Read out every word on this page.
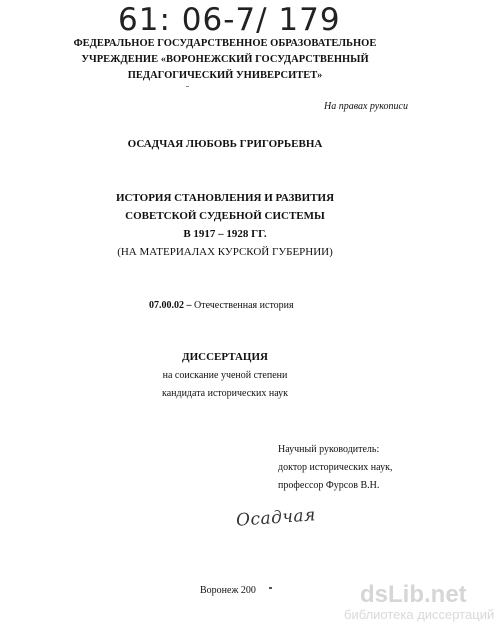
61: 06-7/ 179
ФЕДЕРАЛЬНОЕ ГОСУДАРСТВЕННОЕ ОБРАЗОВАТЕЛЬНОЕ
УЧРЕЖДЕНИЕ «ВОРОНЕЖСКИЙ ГОСУДАРСТВЕННЫЙ
ПЕДАГОГИЧЕСКИЙ УНИВЕРСИТЕТ»
На правах рукописи
ОСАДЧАЯ ЛЮБОВЬ ГРИГОРЬЕВНА
ИСТОРИЯ СТАНОВЛЕНИЯ И РАЗВИТИЯ
СОВЕТСКОЙ СУДЕБНОЙ СИСТЕМЫ
В 1917 – 1928 ГГ.
(НА МАТЕРИАЛАХ КУРСКОЙ ГУБЕРНИИ)
07.00.02 – Отечественная история
ДИССЕРТАЦИЯ
на соискание ученой степени
кандидата исторических наук
Научный руководитель:
доктор исторических наук,
профессор Фурсов В.Н.
Осадчая
Воронеж 200	dsLib.net
библиотека диссертаций
